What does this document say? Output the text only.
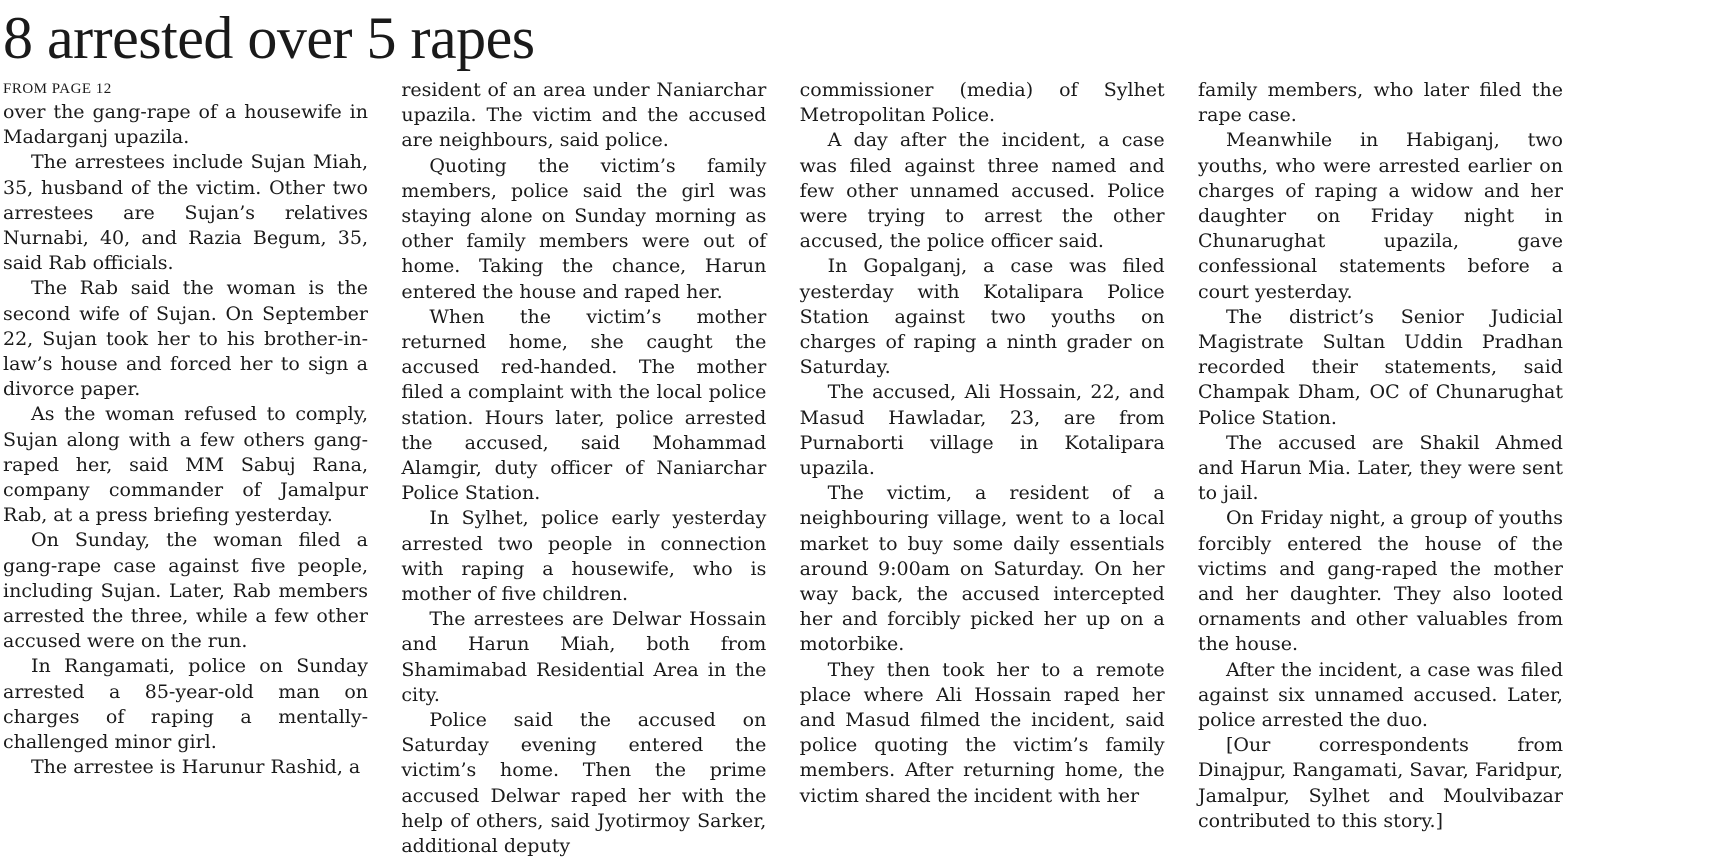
8 arrested over 5 rapes
FROM PAGE 12

over the gang-rape of a housewife in Madarganj upazila.

The arrestees include Sujan Miah, 35, husband of the victim. Other two arrestees are Sujan’s relatives Nurnabi, 40, and Razia Begum, 35, said Rab officials.

The Rab said the woman is the second wife of Sujan. On September 22, Sujan took her to his brother-in-law’s house and forced her to sign a divorce paper.

As the woman refused to comply, Sujan along with a few others gang-raped her, said MM Sabuj Rana, company commander of Jamalpur Rab, at a press briefing yesterday.

On Sunday, the woman filed a gang-rape case against five people, including Sujan. Later, Rab members arrested the three, while a few other accused were on the run.

In Rangamati, police on Sunday arrested a 85-year-old man on charges of raping a mentally-challenged minor girl.

The arrestee is Harunur Rashid, a

resident of an area under Naniarchar upazila. The victim and the accused are neighbours, said police.

Quoting the victim’s family members, police said the girl was staying alone on Sunday morning as other family members were out of home. Taking the chance, Harun entered the house and raped her.

When the victim’s mother returned home, she caught the accused red-handed. The mother filed a complaint with the local police station. Hours later, police arrested the accused, said Mohammad Alamgir, duty officer of Naniarchar Police Station.

In Sylhet, police early yesterday arrested two people in connection with raping a housewife, who is mother of five children.

The arrestees are Delwar Hossain and Harun Miah, both from Shamimabad Residential Area in the city.

Police said the accused on Saturday evening entered the victim’s home. Then the prime accused Delwar raped her with the help of others, said Jyotirmoy Sarker, additional deputy

commissioner (media) of Sylhet Metropolitan Police.

A day after the incident, a case was filed against three named and few other unnamed accused. Police were trying to arrest the other accused, the police officer said.

In Gopalganj, a case was filed yesterday with Kotalipara Police Station against two youths on charges of raping a ninth grader on Saturday.

The accused, Ali Hossain, 22, and Masud Hawladar, 23, are from Purnaborti village in Kotalipara upazila.

The victim, a resident of a neighbouring village, went to a local market to buy some daily essentials around 9:00am on Saturday. On her way back, the accused intercepted her and forcibly picked her up on a motorbike.

They then took her to a remote place where Ali Hossain raped her and Masud filmed the incident, said police quoting the victim’s family members. After returning home, the victim shared the incident with her

family members, who later filed the rape case.

Meanwhile in Habiganj, two youths, who were arrested earlier on charges of raping a widow and her daughter on Friday night in Chunarughat upazila, gave confessional statements before a court yesterday.

The district’s Senior Judicial Magistrate Sultan Uddin Pradhan recorded their statements, said Champak Dham, OC of Chunarughat Police Station.

The accused are Shakil Ahmed and Harun Mia. Later, they were sent to jail.

On Friday night, a group of youths forcibly entered the house of the victims and gang-raped the mother and her daughter. They also looted ornaments and other valuables from the house.

After the incident, a case was filed against six unnamed accused. Later, police arrested the duo.

[Our correspondents from Dinajpur, Rangamati, Savar, Faridpur, Jamalpur, Sylhet and Moulvibazar contributed to this story.]
